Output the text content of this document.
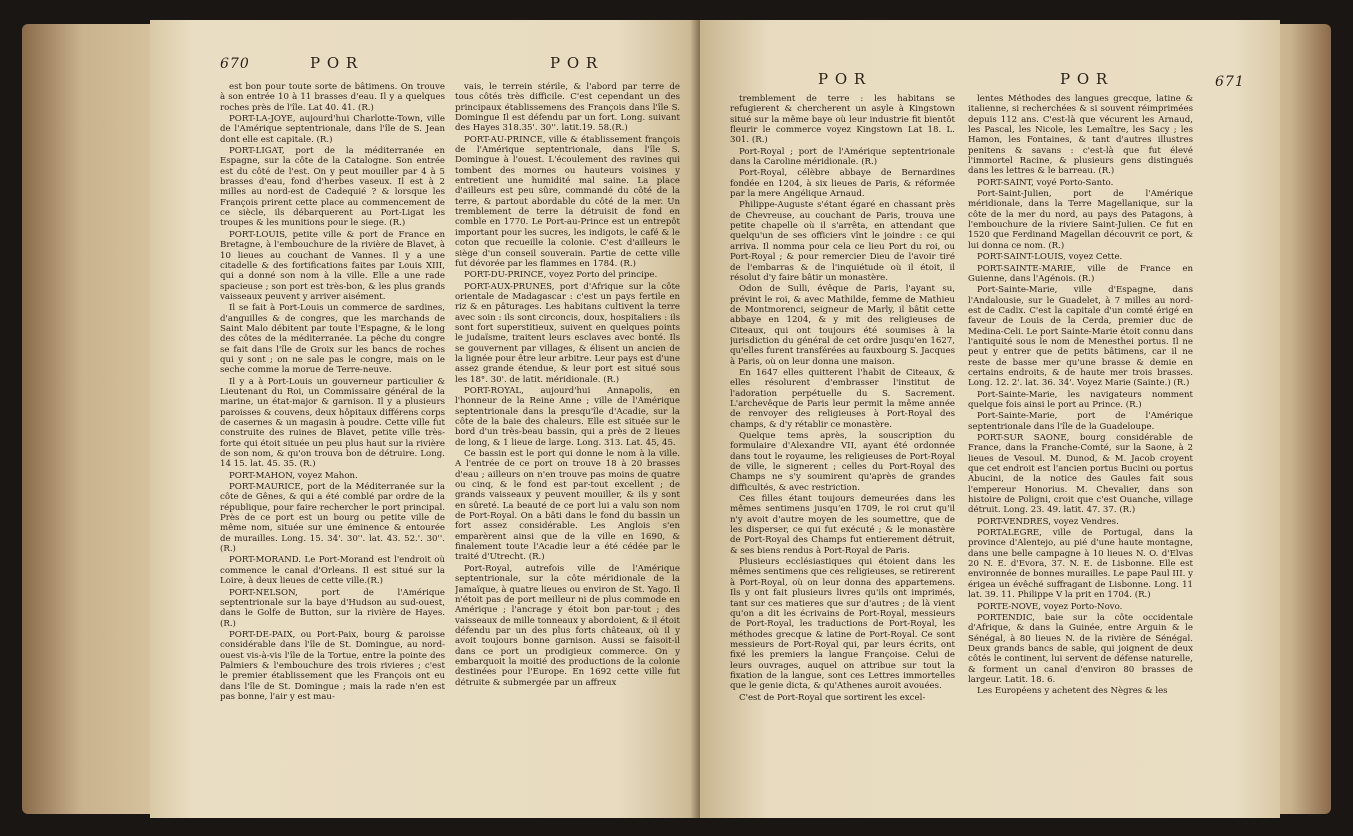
670	P O R	P O R

est bon pour toute sorte de bâtimens. On trouve à son entrée 10 à 11 brasses d'eau. Il y a quelques roches près de l'île. Lat 40. 41. (R.)

PORT-LA-JOYE, aujourd'hui Charlotte-Town, ville de l'Amérique septentrionale, dans l'île de S. Jean dont elle est capitale. (R.)

PORT-LIGAT, port de la méditerranée en Espagne, sur la côte de la Catalogne. Son entrée est du côté de l'est. On y peut mouiller par 4 à 5 brasses d'eau, fond d'herbes vaseux. Il est à 2 milles au nord-est de Cadequié ? & lorsque les François prirent cette place au commencement de ce siècle, ils débarquerent au Port-Ligat les troupes & les munitions pour le siege. (R.)

PORT-LOUIS, petite ville & port de France en Bretagne, à l'embouchure de la rivière de Blavet, à 10 lieues au couchant de Vannes. Il y a une citadelle & des fortifications faites par Louis XIII, qui a donné son nom à la ville. Elle a une rade spacieuse ; son port est très-bon, & les plus grands vaisseaux peuvent y arriver aisément.

Il se fait à Port-Louis un commerce de sardines, d'anguilles & de congres, que les marchands de Saint Malo débitent par toute l'Espagne, & le long des côtes de la méditerranée. La pêche du congre se fait dans l'île de Groix sur les bancs de roches qui y sont ; on ne sale pas le congre, mais on le seche comme la morue de Terre-neuve.

Il y a à Port-Louis un gouverneur particulier & Lieutenant du Roi, un Commissaire général de la marine, un état-major & garnison. Il y a plusieurs paroisses & couvens, deux hôpitaux différens corps de casernes & un magasin à poudre. Cette ville fut construite des ruines de Blavet, petite ville très-forte qui étoit située un peu plus haut sur la rivière de son nom, & qu'on trouva bon de détruire. Long. 14 15. lat. 45. 35. (R.)

PORT-MAHON, voyez Mahon.

PORT-MAURICE, port de la Méditerranée sur la côte de Gênes, & qui a été comblé par ordre de la république, pour faire rechercher le port principal. Près de ce port est un bourg ou petite ville de même nom, située sur une éminence & entourée de murailles. Long. 15. 34'. 30''. lat. 43. 52.'. 30''. (R.)

PORT-MORAND. Le Port-Morand est l'endroit où commence le canal d'Orleans. Il est situé sur la Loire, à deux lieues de cette ville.(R.)

PORT-NELSON, port de l'Amérique septentrionale sur la baye d'Hudson au sud-ouest, dans le Golfe de Button, sur la rivière de Hayes. (R.)

PORT-DE-PAIX, ou Port-Paix, bourg & paroisse considérable dans l'île de St. Domingue, au nord-ouest vis-à-vis l'île de la Tortue, entre la pointe des Palmiers & l'embouchure des trois rivieres ; c'est le premier établissement que les François ont eu dans l'île de St. Domingue ; mais la rade n'en est pas bonne, l'air y est mau-

vais, le terrein stérile, & l'abord par terre de tous côtés très difficile. C'est cependant un des principaux établissemens des François dans l'île S. Domingue Il est défendu par un fort. Long. suivant des Hayes 318.35'. 30''. latit.19. 58.(R.)

PORT-AU-PRINCE, ville & établissement françois de l'Amérique septentrionale, dans l'île S. Domingue à l'ouest. L'écoulement des ravines qui tombent des mornes ou hauteurs voisines y entretient une humidité mal saine. La place d'ailleurs est peu sûre, commandé du côté de la terre, & partout abordable du côté de la mer. Un tremblement de terre la détruisit de fond en comble en 1770. Le Port-au-Prince est un entrepôt important pour les sucres, les indigots, le café & le coton que recueille la colonie. C'est d'ailleurs le siège d'un conseil souverain. Partie de cette ville fut dévorée par les flammes en 1784. (R.)

PORT-DU-PRINCE, voyez Porto del principe.

PORT-AUX-PRUNES, port d'Afrique sur la côte orientale de Madagascar : c'est un pays fertile en riz & en pâturages. Les habitans cultivent la terre avec soin : ils sont circoncis, doux, hospitaliers : ils sont fort superstitieux, suivent en quelques points le judaïsme, traitent leurs esclaves avec bonté. Ils se gouvernent par villages, & élisent un ancien de la lignée pour être leur arbitre. Leur pays est d'une assez grande étendue, & leur port est situé sous les 18°. 30'. de latit. méridionale. (R.)

PORT-ROYAL, aujourd'hui Annapolis, en l'honneur de la Reine Anne ; ville de l'Amérique septentrionale dans la presqu'île d'Acadie, sur la côte de la baie des chaleurs. Elle est située sur le bord d'un très-beau bassin, qui a près de 2 lieues de long, & 1 lieue de large. Long. 313. Lat. 45, 45.

Ce bassin est le port qui donne le nom à la ville. A l'entrée de ce port on trouve 18 à 20 brasses d'eau ; ailleurs on n'en trouve pas moins de quatre ou cinq, & le fond est par-tout excellent ; de grands vaisseaux y peuvent mouiller, & ils y sont en sûreté. La beauté de ce port lui a valu son nom de Port-Royal. On a bâti dans le fond du bassin un fort assez considérable. Les Anglois s'en emparèrent ainsi que de la ville en 1690, & finalement toute l'Acadie leur a été cédée par le traité d'Utrecht. (R.)

Port-Royal, autrefois ville de l'Amérique septentrionale, sur la côte méridionale de la Jamaïque, à quatre lieues ou environ de St. Yago. Il n'étoit pas de port meilleur ni de plus commode en Amérique ; l'ancrage y étoit bon par-tout ; des vaisseaux de mille tonneaux y abordoient, & il étoit défendu par un des plus forts châteaux, où il y avoit toujours bonne garnison. Aussi se faisoit-il dans ce port un prodigieux commerce. On y embarquoit la moitié des productions de la colonie destinées pour l'Europe. En 1692 cette ville fut détruite & submergée par un affreux

P O R	P O R	671

tremblement de terre : les habitans se refugierent & chercherent un asyle à Kingstown situé sur la même baye où leur industrie fit bientôt fleurir le commerce voyez Kingstown Lat 18. L. 301. (R.)

Port-Royal ; port de l'Amérique septentrionale dans la Caroline méridionale. (R.)

Port-Royal, célèbre abbaye de Bernardines fondée en 1204, à six lieues de Paris, & réformée par la mere Angélique Arnaud.

Philippe-Auguste s'étant égaré en chassant près de Chevreuse, au couchant de Paris, trouva une petite chapelle où il s'arrêta, en attendant que quelqu'un de ses officiers vînt le joindre : ce qui arriva. Il nomma pour cela ce lieu Port du roi, ou Port-Royal ; & pour remercier Dieu de l'avoir tiré de l'embarras & de l'inquiétude où il étoit, il résolut d'y faire bâtir un monastère.

Odon de Sulli, évêque de Paris, l'ayant su, prévint le roi, & avec Mathilde, femme de Mathieu de Montmorenci, seigneur de Marly, il bâtit cette abbaye en 1204, & y mit des religieuses de Citeaux, qui ont toujours été soumises à la jurisdiction du général de cet ordre jusqu'en 1627, qu'elles furent transférées au fauxbourg S. Jacques à Paris, où on leur donna une maison.

En 1647 elles quitterent l'habit de Citeaux, & elles résolurent d'embrasser l'institut de l'adoration perpétuelle du S. Sacrement. L'archevêque de Paris leur permit la même année de renvoyer des religieuses à Port-Royal des champs, & d'y rétablir ce monastère.

Quelque tems après, la souscription du formulaire d'Alexandre VII, ayant été ordonnée dans tout le royaume, les religieuses de Port-Royal de ville, le signerent ; celles du Port-Royal des Champs ne s'y soumirent qu'après de grandes difficultés, & avec restriction.

Ces filles étant toujours demeurées dans les mêmes sentimens jusqu'en 1709, le roi crut qu'il n'y avoit d'autre moyen de les soumettre, que de les disperser, ce qui fut exécuté ; & le monastère de Port-Royal des Champs fut entierement détruit, & ses biens rendus à Port-Royal de Paris.

Plusieurs ecclésiastiques qui étoient dans les mêmes sentimens que ces religieuses, se retirerent à Port-Royal, où on leur donna des appartemens. Ils y ont fait plusieurs livres qu'ils ont imprimés, tant sur ces matieres que sur d'autres ; de là vient qu'on a dit les écrivains de Port-Royal, messieurs de Port-Royal, les traductions de Port-Royal, les méthodes grecque & latine de Port-Royal. Ce sont messieurs de Port-Royal qui, par leurs écrits, ont fixé les premiers la langue Françoise. Celui de leurs ouvrages, auquel on attribue sur tout la fixation de la langue, sont ces Lettres immortelles que le genie dicta, & qu'Athenes auroit avouées.

C'est de Port-Royal que sortirent les excel-

lentes Méthodes des langues grecque, latine & italienne, si recherchées & si souvent réimprimées depuis 112 ans. C'est-là que vécurent les Arnaud, les Pascal, les Nicole, les Lemaître, les Sacy ; les Hamon, les Fontaines, & tant d'autres illustres penitens & savans : c'est-là que fut élevé l'immortel Racine, & plusieurs gens distingués dans les lettres & le barreau. (R.)

PORT-SAINT, voyé Porto-Santo.

Port-Saint-Julien, port de l'Amérique méridionale, dans la Terre Magellanique, sur la côte de la mer du nord, au pays des Patagons, à l'embouchure de la riviere Saint-Julien. Ce fut en 1520 que Ferdinand Magellan découvrit ce port, & lui donna ce nom. (R.)

PORT-SAINT-LOUIS, voyez Cette.

PORT-SAINTE-MARIE, ville de France en Guienne, dans l'Agénois. (R.)

Port-Sainte-Marie, ville d'Espagne, dans l'Andalousie, sur le Guadelet, à 7 milles au nord-est de Cadix. C'est la capitale d'un comté érigé en faveur de Louis de la Cerda, premier duc de Medina-Celi. Le port Sainte-Marie étoit connu dans l'antiquité sous le nom de Menesthei portus. Il ne peut y entrer que de petits bâtimens, car il ne reste de basse mer qu'une brasse & demie en certains endroits, & de haute mer trois brasses. Long. 12. 2'. lat. 36. 34'. Voyez Marie (Sainte.) (R.)

Port-Sainte-Marie, les navigateurs nomment quelque fois ainsi le port au Prince. (R.)

Port-Sainte-Marie, port de l'Amérique septentrionale dans l'île de la Guadeloupe.

PORT-SUR SAONE, bourg considérable de France, dans la Franche-Comté, sur la Saone, à 2 lieues de Vesoul. M. Dunod, & M. Jacob croyent que cet endroit est l'ancien portus Bucini ou portus Abucini, de la notice des Gaules fait sous l'empereur Honorius. M. Chevalier, dans son histoire de Poligni, croit que c'est Ouanche, village détruit. Long. 23. 49. latit. 47. 37. (R.)

PORT-VENDRES, voyez Vendres.

PORTALEGRE, ville de Portugal, dans la province d'Alentejo, au pié d'une haute montagne, dans une belle campagne à 10 lieues N. O. d'Elvas 20 N. E. d'Evora, 37. N. E. de Lisbonne. Elle est environnée de bonnes murailles. Le pape Paul III. y érigea un évêché suffragant de Lisbonne. Long. 11 lat. 39. 11. Philippe V la prit en 1704. (R.)

PORTE-NOVE, voyez Porto-Novo.

PORTENDIC, baie sur la côte occidentale d'Afrique, & dans la Guinée, entre Arguin & le Sénégal, à 80 lieues N. de la rivière de Sénégal. Deux grands bancs de sable, qui joignent de deux côtés le continent, lui servent de défense naturelle, & forment un canal d'environ 80 brasses de largeur. Latit. 18. 6.

Les Européens y achetent des Nègres & les
